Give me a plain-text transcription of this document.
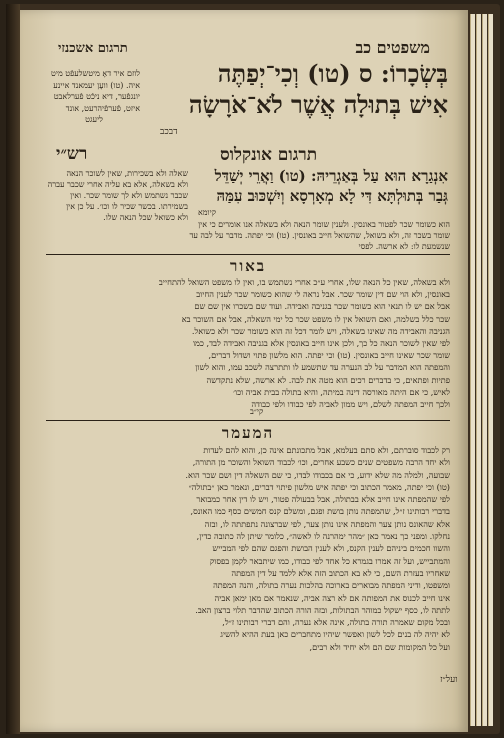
תרגום אשכנזי	משפטים כב
לוזם איר דאָ מיטשלעפֿט מיט
איה. (טו) וועָן יעמאנד איינע
יונגפֿער, דיא ניכֿט פֿערלאבט
איזט, פֿערפֿיהרעט, אונד
ליעגט
בְּשְׂכָרוֹ: ס (טו) וְכִי־יְפַתֶּה
אִישׁ בְּתוּלָה אֲשֶׁר לֹא־אֹרָשָׂה
דבכב
רש״י	תרגום אונקלוס
אִנְגַרָא הוּא עַל בְּאַגְרֵיהּ: (טו) וַאֲרֵי יְשַׁדֵּל
גְּבַר בְּתוּלְתָּא דִּי לָא מְאָרְסָא וְיִשְׁכּוּב עִמַּהּ
קיומא
שאלה ולא בשכירות, שאין לשוכר הנאה
ולא בשאלה, אלא בא עליה אחרי שכבר עברה
שכבר נשתמש ולא לך שומר שכר. ואין
בשמירתו. בכשר שכיר לו וכו׳. על כן אין
ולא כשואל שכל הנאה שלו.
הוא כשומר שכר לפטור באונסין. ולענין שומר הנאה ולא בשאלה אנו אומרים כי אין
שומר בשכר זה, ולא בשואל, שהשואל חייב באונסין. (טו) וכי יפתה. מדבר על לבה עד
שנשמעת לו: לא ארשה. לפסי
באור
ולא בשאלה, שאין כל הנאה שלו, אחרי ע״כ אחרי נשתמש בו, ואין לו משפט השואל להתחייב
באונסין, ולא הוי שם דין שומר שכר. אבל נראה לי שהוא כשומר שכר לענין החיוב
אבל אם יש לו תנאי הוא כשומר שכר בגניבה ואבידה. ועוד שם בשכרו אין שם שם
שכר כלל בשלמה, ואם השואל אין לו משפט שכר כל ימי השאלה, אבל אם השוכר בא
הגניבה והאבידה מה שאינו בשאלה, ויש לומר דכל זה הוא כשומר שכר ולא כשואל.
לפי שאין לשוכר הנאה כל כך, ולכן אינו חייב באונסין אלא בגניבה ואבידה לבד, כמו
שומר שכר שאינו חייב באונסין. (טו) וכי יפתה. הוא מלשון פתוי ושדול דברים,
והמפתה הוא המדבר על לב הנערה עד שתשמע לו ותתרצה לשכב עמו, והוא לשון
פתיות ופתאים, כי בדברים רכים הוא מטה את לבה. לא ארשה, שלא נתקדשה
לאיש, כי אם היתה מאורסה דינה במיתה, והיא בתולה בבית אביה וכו׳
ולכך חייב המפתה לשלם, ויש ממון לאביה לפי כבודו ולפי כבודה
קי״ב
המעמר
רק לכבוד סוברתם, ולא סתם בעלמא, אבל מתכונתם אינה כן, והוא להם לעדות
ולא יחד הרבה משפטים שנים כשבע אחרים, וכו׳ לכבוד השואל והשוכר מן התורה,
שבועה, ולמלה מה שלא ידוע, כי אם בכבודו לבדו, כי שם השאלה דין ושם שכר הוא.
(טו) וכי יפתה, מאמר הכתוב וכי יפתה איש מלשון פיתוי דברים, ונאמר כאן ״בתולה״
לפי שהמפתה אינו חייב אלא בבתולה, אבל בבעולה פטור, ויש לו דין אחר כמבואר
בדברי רבותינו ז״ל, שהמפתה נותן בושת ופגם, ומשלם קנס חמשים כסף כמו האונס,
אלא שהאונס נותן צער והמפתה אינו נותן צער, לפי שברצונה נתפתתה לו, ובזה
נחלקו. ומפני כך נאמר כאן ״מהר ימהרנה לו לאשה״, כלומר שיתן לה כתובה כדין,
והשוו חכמים ביניהם לענין הקנס, ולא לענין הבושת והפגם שהם לפי המבייש
והמתבייש, ועל זה אמרו בגמרא כל אחד לפי כבודו, כמו שיתבאר לקמן בפסוק
שאחריו בעזרת השם, כי לא בא הכתוב הזה אלא ללמד על דין המפתה
ומשפטו, ודיני המפתה מבוארים בארוכה בהלכות נערה בתולה, והנה המפתה
אינו חייב לכנוס את המפותה אם לא רצה אביה, שנאמר אם מאן ימאן אביה
לתתה לו, כסף ישקול כמוהר הבתולות, ובזה הורה הכתוב שהדבר תלוי ברצון האב.
ובכל מקום שאמרה תורה בתולה, אינה אלא נערה, והם דברי רבותינו ז״ל,
לא יהיה לה בנים לכל לשון ואפשר שיהיו מתחברים כאן בעת ההיא להשיג
ועל כל המקומות שם הם ולא יחיד ולא רבים,
ועל״ז
